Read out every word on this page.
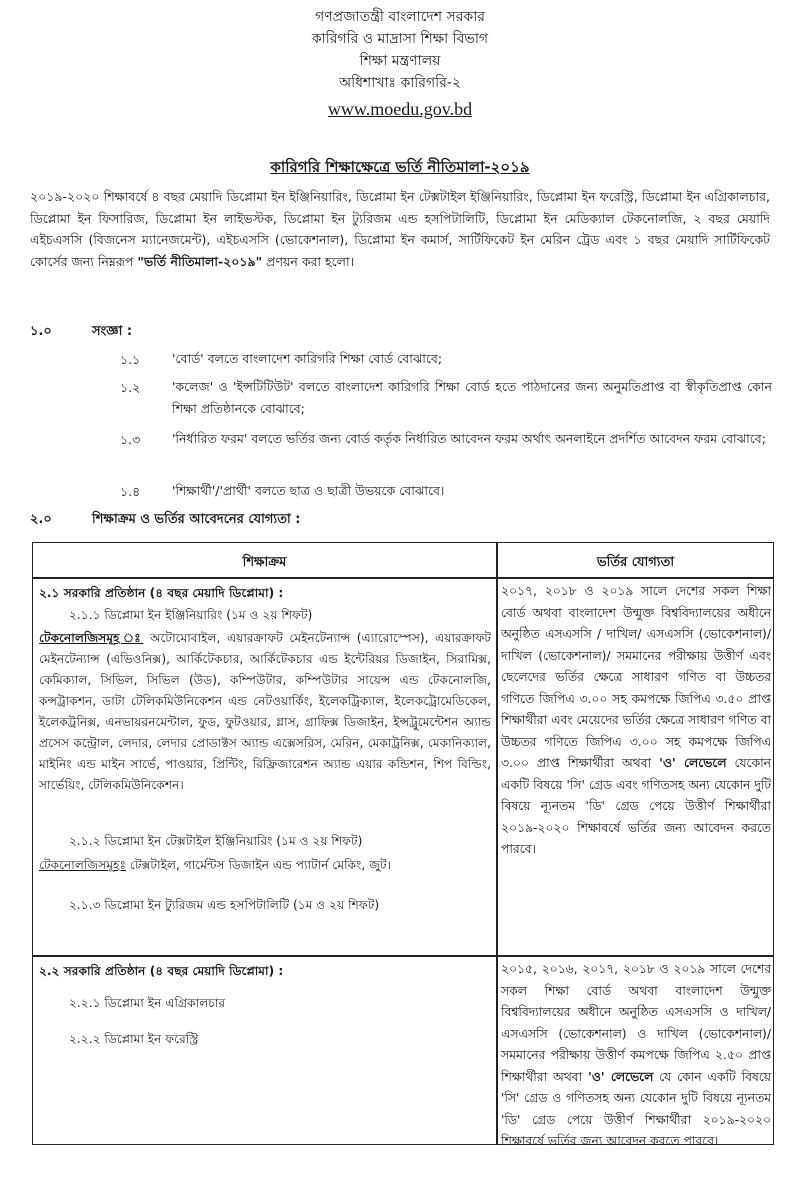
গণপ্রজাতন্ত্রী বাংলাদেশ সরকার
কারিগরি ও মাদ্রাসা শিক্ষা বিভাগ
শিক্ষা মন্ত্রণালয়
অধিশাখাঃ কারিগরি-২
www.moedu.gov.bd
কারিগরি শিক্ষাক্ষেত্রে ভর্তি নীতিমালা-২০১৯
২০১৯-২০২০ শিক্ষাবর্ষে ৪ বছর মেয়াদি ডিপ্লোমা ইন ইঞ্জিনিয়ারিং, ডিপ্লোমা ইন টেক্সটাইল ইঞ্জিনিয়ারিং, ডিপ্লোমা ইন ফরেস্ট্রি, ডিপ্লোমা ইন এগ্রিকালচার, ডিপ্লোমা ইন ফিসারিজ, ডিপ্লোমা ইন লাইভস্টক, ডিপ্লোমা ইন ট্যুরিজম এন্ড হসপিটালিটি, ডিপ্লোমা ইন মেডিক্যাল টেকনোলজি, ২ বছর মেয়াদি এইচএসসি (বিজনেস ম্যানেজমেন্ট), এইচএসসি (ভোকেশনাল), ডিপ্লোমা ইন কমার্স, সার্টিফিকেট ইন মেরিন ট্রেড এবং ১ বছর মেয়াদি সার্টিফিকেট কোর্সের জন্য নিম্নরূপ "ভর্তি নীতিমালা-২০১৯" প্রণয়ন করা হলো।
১.০	সংজ্ঞা :
১.১	'বোর্ড' বলতে বাংলাদেশ কারিগরি শিক্ষা বোর্ড বোঝাবে;
১.২	'কলেজ' ও 'ইন্সটিটিউট' বলতে বাংলাদেশ কারিগরি শিক্ষা বোর্ড হতে পাঠদানের জন্য অনুমতিপ্রাপ্ত বা স্বীকৃতিপ্রাপ্ত কোন শিক্ষা প্রতিষ্ঠানকে বোঝাবে;
১.৩	'নির্ধারিত ফরম' বলতে ভর্তির জন্য বোর্ড কর্তৃক নির্ধারিত আবেদন ফরম অর্থাৎ অনলাইনে প্রদর্শিত আবেদন ফরম বোঝাবে;
১.৪	'শিক্ষার্থী'/'প্রার্থী' বলতে ছাত্র ও ছাত্রী উভয়কে বোঝাবে।
২.০	শিক্ষাক্রম ও ভর্তির আবেদনের যোগ্যতা :
শিক্ষাক্রম	ভর্তির যোগ্যতা
২.১ সরকারি প্রতিষ্ঠান (৪ বছর মেয়াদি ডিপ্লোমা) :
২.১.১ ডিপ্লোমা ইন ইঞ্জিনিয়ারিং (১ম ও ২য় শিফট)
টেকনোলজিসমূহ ঃ অটোমোবাইল, এয়ারক্রাফট মেইনটেন্যান্স (এ্যারোস্পেস), এয়ারক্রাফট মেইনটেন্যান্স (এভিওনিক্স), আর্কিটেকচার, আর্কিটেকচার এন্ড ইন্টেরিয়র ডিজাইন, সিরামিক্স, কেমিক্যাল, সিভিল, সিভিল (উড), কম্পিউটার, কম্পিউটার সায়েন্স এন্ড টেকনোলজি, কন্সট্রাকশন, ডাটা টেলিকমিউনিকেশন এন্ড নেটওয়ার্কিং, ইলেকট্রিক্যাল, ইলেকট্রোমেডিকেল, ইলেকট্রনিক্স, এনভায়রনমেন্টাল, ফুড, ফুটওয়ার, গ্লাস, গ্রাফিক্স ডিজাইন, ইন্সট্রুমেন্টেশন অ্যান্ড প্রসেস কন্ট্রোল, লেদার, লেদার প্রোডাক্টস অ্যান্ড এক্সেসরিস, মেরিন, মেকাট্রনিক্স, মেকানিক্যাল, মাইনিং এন্ড মাইন সার্ভে, পাওয়ার, প্রিন্টিং, রিফ্রিজারেশন অ্যান্ড এয়ার কন্ডিশন, শিপ বিল্ডিং, সার্ভেয়িং, টেলিকমিউনিকেশন।
২.১.২ ডিপ্লোমা ইন টেক্সটাইল ইঞ্জিনিয়ারিং (১ম ও ২য় শিফট)
টেকনোলজিসমূহঃ টেক্সটাইল, গার্মেন্টস ডিজাইন এন্ড প্যাটার্ন মেকিং, জুট।
২.১.৩ ডিপ্লোমা ইন ট্যুরিজম এন্ড হসপিটালিটি (১ম ও ২য় শিফট)
২০১৭, ২০১৮ ও ২০১৯ সালে দেশের সকল শিক্ষা বোর্ড অথবা বাংলাদেশ উন্মুক্ত বিশ্ববিদ্যালয়ের অধীনে অনুষ্ঠিত এসএসসি / দাখিল/ এসএসসি (ভোকেশনাল)/ দাখিল (ভোকেশনাল)/ সমমানের পরীক্ষায় উত্তীর্ণ এবং ছেলেদের ভর্তির ক্ষেত্রে সাধারণ গণিত বা উচ্চতর গণিতে জিপিএ ৩.০০ সহ কমপক্ষে জিপিএ ৩.৫০ প্রাপ্ত শিক্ষার্থীরা এবং মেয়েদের ভর্তির ক্ষেত্রে সাধারণ গণিত বা উচ্চতর গণিতে জিপিএ ৩.০০ সহ কমপক্ষে জিপিএ ৩.০০ প্রাপ্ত শিক্ষার্থীরা অথবা 'ও' লেভেলে যেকোন একটি বিষয়ে 'সি' গ্রেড এবং গণিতসহ অন্য যেকোন দুটি বিষয়ে ন্যূনতম 'ডি' গ্রেড পেয়ে উত্তীর্ণ শিক্ষার্থীরা ২০১৯-২০২০ শিক্ষাবর্ষে ভর্তির জন্য আবেদন করতে পারবে।
২.২ সরকারি প্রতিষ্ঠান (৪ বছর মেয়াদি ডিপ্লোমা) :
২.২.১ ডিপ্লোমা ইন এগ্রিকালচার
২.২.২ ডিপ্লোমা ইন ফরেস্ট্রি
২০১৫, ২০১৬, ২০১৭, ২০১৮ ও ২০১৯ সালে দেশের সকল শিক্ষা বোর্ড অথবা বাংলাদেশ উন্মুক্ত বিশ্ববিদ্যালয়ের অধীনে অনুষ্ঠিত এসএসসি ও দাখিল/এসএসসি (ভোকেশনাল) ও দাখিল (ভোকেশনাল)/ সমমানের পরীক্ষায় উত্তীর্ণ কমপক্ষে জিপিএ ২.৫০ প্রাপ্ত শিক্ষার্থীরা অথবা 'ও' লেভেলে যে কোন একটি বিষয়ে 'সি' গ্রেড ও গণিতসহ অন্য যেকোন দুটি বিষয়ে ন্যূনতম 'ডি' গ্রেড পেয়ে উত্তীর্ণ শিক্ষার্থীরা ২০১৯-২০২০ শিক্ষাবর্ষে ভর্তির জন্য আবেদন করতে পারবে।
